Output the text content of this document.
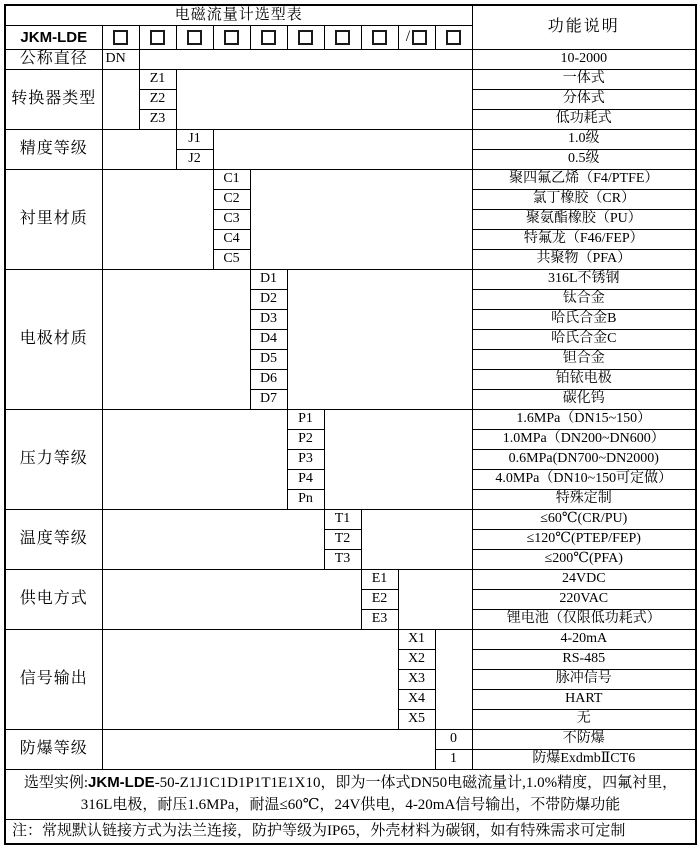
电磁流量计选型表											功能说明
JKM-LDE									/		
公称直径	DN										10-2000
转换器类型		Z1									一体式
		Z2									分体式
		Z3									低功耗式
精度等级			J1								1.0级
			J2								0.5级
衬里材质				C1							聚四氟乙烯（F4/PTFE）
				C2							氯丁橡胶（CR）
				C3							聚氨酯橡胶（PU）
				C4							特氟龙（F46/FEP）
				C5							共聚物（PFA）
电极材质					D1						316L不锈钢
					D2						钛合金
					D3						哈氏合金B
					D4						哈氏合金C
					D5						钽合金
					D6						铂铱电极
					D7						碳化钨
压力等级						P1					1.6MPa（DN15~150）
						P2					1.0MPa（DN200~DN600）
						P3					0.6MPa(DN700~DN2000)
						P4					4.0MPa（DN10~150可定做）
						Pn					特殊定制
温度等级							T1				≤60℃(CR/PU)
							T2				≤120℃(PTEP/FEP)
							T3				≤200℃(PFA)
供电方式								E1			24VDC
								E2			220VAC
								E3			锂电池（仅限低功耗式）
信号输出									X1		4-20mA
									X2		RS-485
									X3		脉冲信号
									X4		HART
									X5		无
防爆等级										0	不防爆
										1	防爆ExdmbⅡCT6
选型实例:JKM-LDE-50-Z1J1C1D1P1T1E1X10，即为一体式DN50电磁流量计,1.0%精度，四氟衬里，
316L电极，耐压1.6MPa，耐温≤60℃，24V供电，4-20mA信号输出，不带防爆功能											
注：常规默认链接方式为法兰连接，防护等级为IP65，外壳材料为碳钢，如有特殊需求可定制											
